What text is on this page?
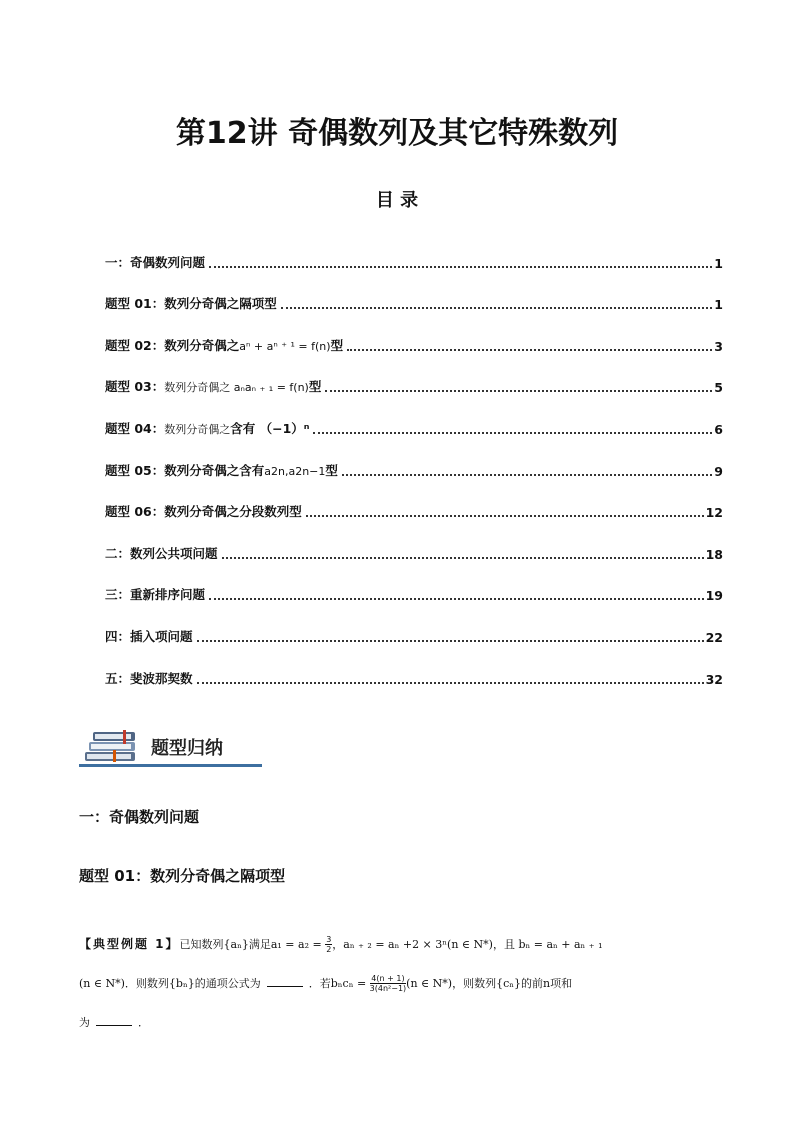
第12讲 奇偶数列及其它特殊数列
目 录
一：奇偶数列问题	1
题型 01：数列分奇偶之隔项型	1
题型 02：数列分奇偶之aⁿ + aⁿ ⁺ ¹ = f(n)型	3
题型 03：数列分奇偶之 aₙaₙ ₊ ₁ = f(n)型	5
题型 04：数列分奇偶之含有 （−1）ⁿ	6
题型 05：数列分奇偶之含有a2n,a2n−1型	9
题型 06：数列分奇偶之分段数列型	12
二：数列公共项问题	18
三：重新排序问题	19
四：插入项问题	22
五：斐波那契数	32
题型归纳
一：奇偶数列问题
题型 01：数列分奇偶之隔项型
【典型例题 1】已知数列{aₙ}满足$a_1 = a_2 = \frac{3}{2}$ ，aₙ ₊ ₂ = aₙ +2 × 3ⁿ(n ∈ N*)，且 bₙ = aₙ + aₙ ₊ ₁
(n ∈ N*)．则数列{bₙ}的通项公式为	．若$b_nc_n = \frac{4(n + 1)}{\text{3(4n²−1)}} (n$ ∈ N*)，则数列{cₙ}的前n项和
为	．
